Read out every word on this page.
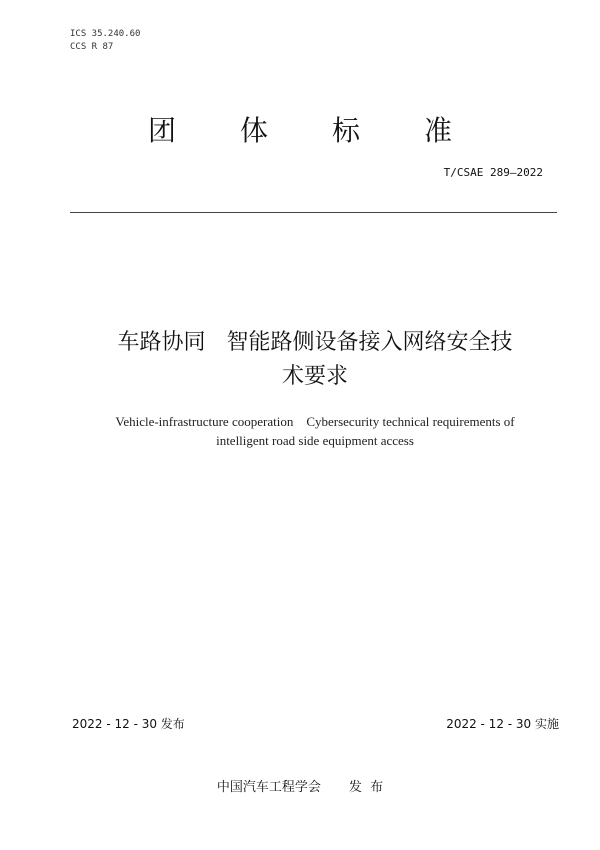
ICS 35.240.60
CCS R 87
团体标准
T/CSAE 289—2022
车路协同   智能路侧设备接入网络安全技
术要求
Vehicle-infrastructure cooperation    Cybersecurity technical requirements of
intelligent road side equipment access
2022 - 12 - 30 发布	2022 - 12 - 30 实施
中国汽车工程学会 发  布
